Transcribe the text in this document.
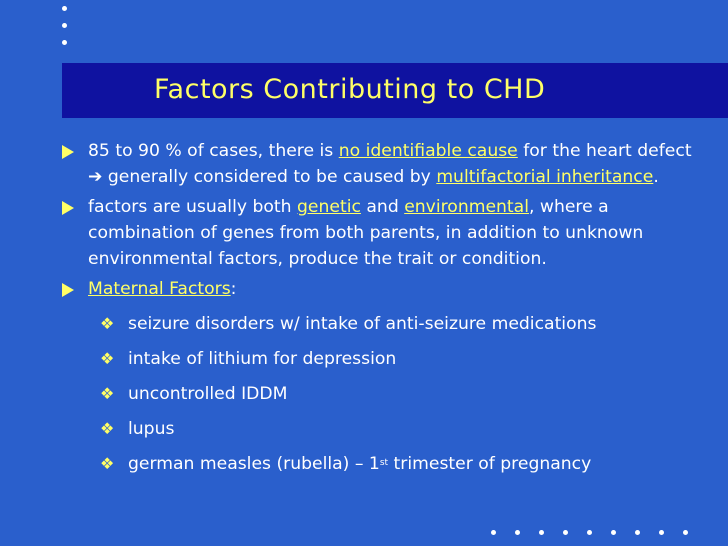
Factors Contributing to CHD
85 to 90 % of cases, there is no identifiable cause for the heart defect ➔ generally considered to be caused by multifactorial inheritance.
factors are usually both genetic and environmental, where a combination of genes from both parents, in addition to unknown environmental factors, produce the trait or condition.
Maternal Factors:
❖ seizure disorders w/ intake of anti-seizure medications
❖ intake of lithium for depression
❖ uncontrolled IDDM
❖ lupus
❖ german measles (rubella) – 1st trimester of pregnancy
